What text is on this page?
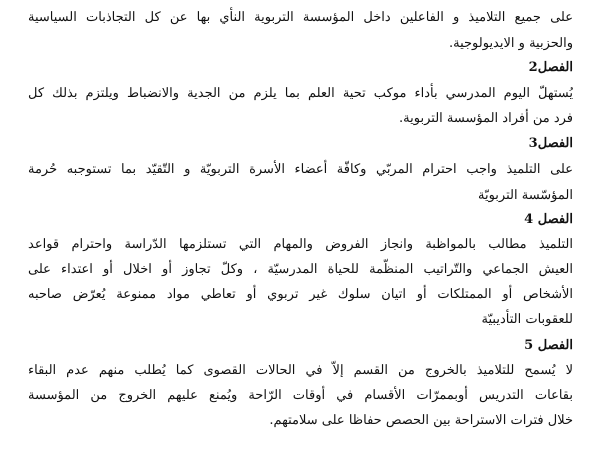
على جميع التلاميذ و الفاعلين داخل المؤسسة التربوية النأي بها عن كل التجاذبات السياسية
والحزبية و الايديولوجية.
الفصل2
يُستهلّ اليوم المدرسي بأداء موكب تحية العلم بما يلزم من الجدية والانضباط ويلتزم بذلك كل
فرد من أفراد المؤسسة التربوية.
الفصل3
على التلميذ واجب احترام المربّي وكافّة أعضاء الأسرة التربويّة و التّقيّد بما تستوجبه حُرمة
المؤسّسة التربويّة
الفصل 4
التلميذ مطالب بالمواظبة وانجاز الفروض والمهام التي تستلزمها الدّراسة واحترام قواعد
العيش الجماعي والتّراتيب المنظّمة للحياة المدرسيّة ، وكلّ تجاوز أو اخلال أو اعتداء على
الأشخاص أو الممتلكات أو اتيان سلوك غير تربوي أو تعاطي مواد ممنوعة يُعرّض صاحبه
للعقوبات التأديبيّة
الفصل 5
لا يُسمح للتلاميذ بالخروج من القسم إلاّ في الحالات القصوى كما يُطلب منهم عدم البقاء
بقاعات التدريس أوبممرّات الأقسام في أوقات الرّاحة ويُمنع عليهم الخروج من المؤسسة
خلال فترات الاستراحة بين الحصص حفاظا على سلامتهم.
